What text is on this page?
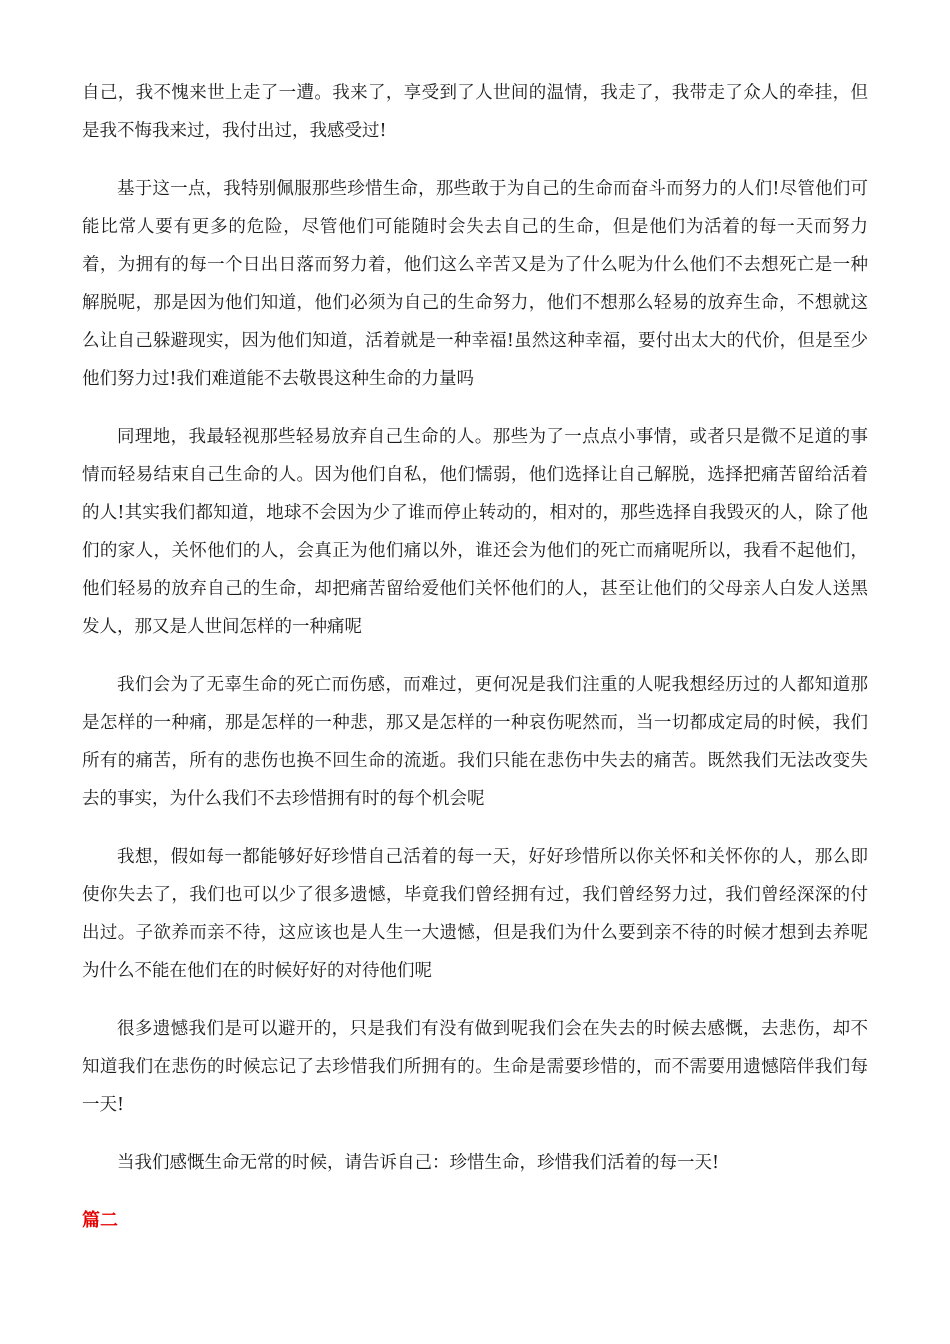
自己，我不愧来世上走了一遭。我来了，享受到了人世间的温情，我走了，我带走了众人的牵挂，但是我不悔我来过，我付出过，我感受过!

基于这一点，我特别佩服那些珍惜生命，那些敢于为自己的生命而奋斗而努力的人们!尽管他们可能比常人要有更多的危险，尽管他们可能随时会失去自己的生命，但是他们为活着的每一天而努力着，为拥有的每一个日出日落而努力着，他们这么辛苦又是为了什么呢为什么他们不去想死亡是一种解脱呢，那是因为他们知道，他们必须为自己的生命努力，他们不想那么轻易的放弃生命，不想就这么让自己躲避现实，因为他们知道，活着就是一种幸福!虽然这种幸福，要付出太大的代价，但是至少他们努力过!我们难道能不去敬畏这种生命的力量吗

同理地，我最轻视那些轻易放弃自己生命的人。那些为了一点点小事情，或者只是微不足道的事情而轻易结束自己生命的人。因为他们自私，他们懦弱，他们选择让自己解脱，选择把痛苦留给活着的人!其实我们都知道，地球不会因为少了谁而停止转动的，相对的，那些选择自我毁灭的人，除了他们的家人，关怀他们的人，会真正为他们痛以外，谁还会为他们的死亡而痛呢所以，我看不起他们，他们轻易的放弃自己的生命，却把痛苦留给爱他们关怀他们的人，甚至让他们的父母亲人白发人送黑发人，那又是人世间怎样的一种痛呢

我们会为了无辜生命的死亡而伤感，而难过，更何况是我们注重的人呢我想经历过的人都知道那是怎样的一种痛，那是怎样的一种悲，那又是怎样的一种哀伤呢然而，当一切都成定局的时候，我们所有的痛苦，所有的悲伤也换不回生命的流逝。我们只能在悲伤中失去的痛苦。既然我们无法改变失去的事实，为什么我们不去珍惜拥有时的每个机会呢

我想，假如每一都能够好好珍惜自己活着的每一天，好好珍惜所以你关怀和关怀你的人，那么即使你失去了，我们也可以少了很多遗憾，毕竟我们曾经拥有过，我们曾经努力过，我们曾经深深的付出过。子欲养而亲不待，这应该也是人生一大遗憾，但是我们为什么要到亲不待的时候才想到去养呢为什么不能在他们在的时候好好的对待他们呢

很多遗憾我们是可以避开的，只是我们有没有做到呢我们会在失去的时候去感慨，去悲伤，却不知道我们在悲伤的时候忘记了去珍惜我们所拥有的。生命是需要珍惜的，而不需要用遗憾陪伴我们每一天!

当我们感慨生命无常的时候，请告诉自己：珍惜生命，珍惜我们活着的每一天!

篇二
